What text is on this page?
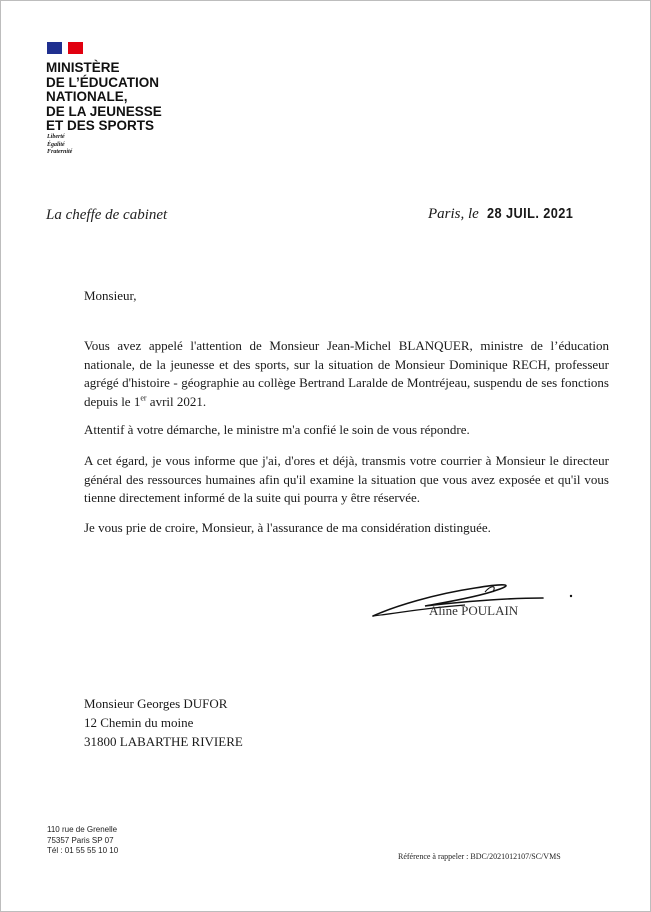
MINISTÈRE
DE L’ÉDUCATION
NATIONALE,
DE LA JEUNESSE
ET DES SPORTS
Liberté
Égalité
Fraternité
La cheffe de cabinet	Paris, le 28 JUIL. 2021

Monsieur,

Vous avez appelé l'attention de Monsieur Jean-Michel BLANQUER, ministre de l’éducation nationale, de la jeunesse et des sports, sur la situation de Monsieur Dominique RECH, professeur agrégé d'histoire - géographie au collège Bertrand Laralde de Montréjeau, suspendu de ses fonctions depuis le 1er avril 2021.

Attentif à votre démarche, le ministre m'a confié le soin de vous répondre.

A cet égard, je vous informe que j'ai, d'ores et déjà, transmis votre courrier à Monsieur le directeur général des ressources humaines afin qu'il examine la situation que vous avez exposée et qu'il vous tienne directement informé de la suite qui pourra y être réservée.

Je vous prie de croire, Monsieur, à l'assurance de ma considération distinguée.

Aline POULAIN
Monsieur Georges DUFOR
12 Chemin du moine
31800 LABARTHE RIVIERE
110 rue de Grenelle
75357 Paris SP 07
Tél : 01 55 55 10 10
Référence à rappeler : BDC/2021012107/SC/VMS
